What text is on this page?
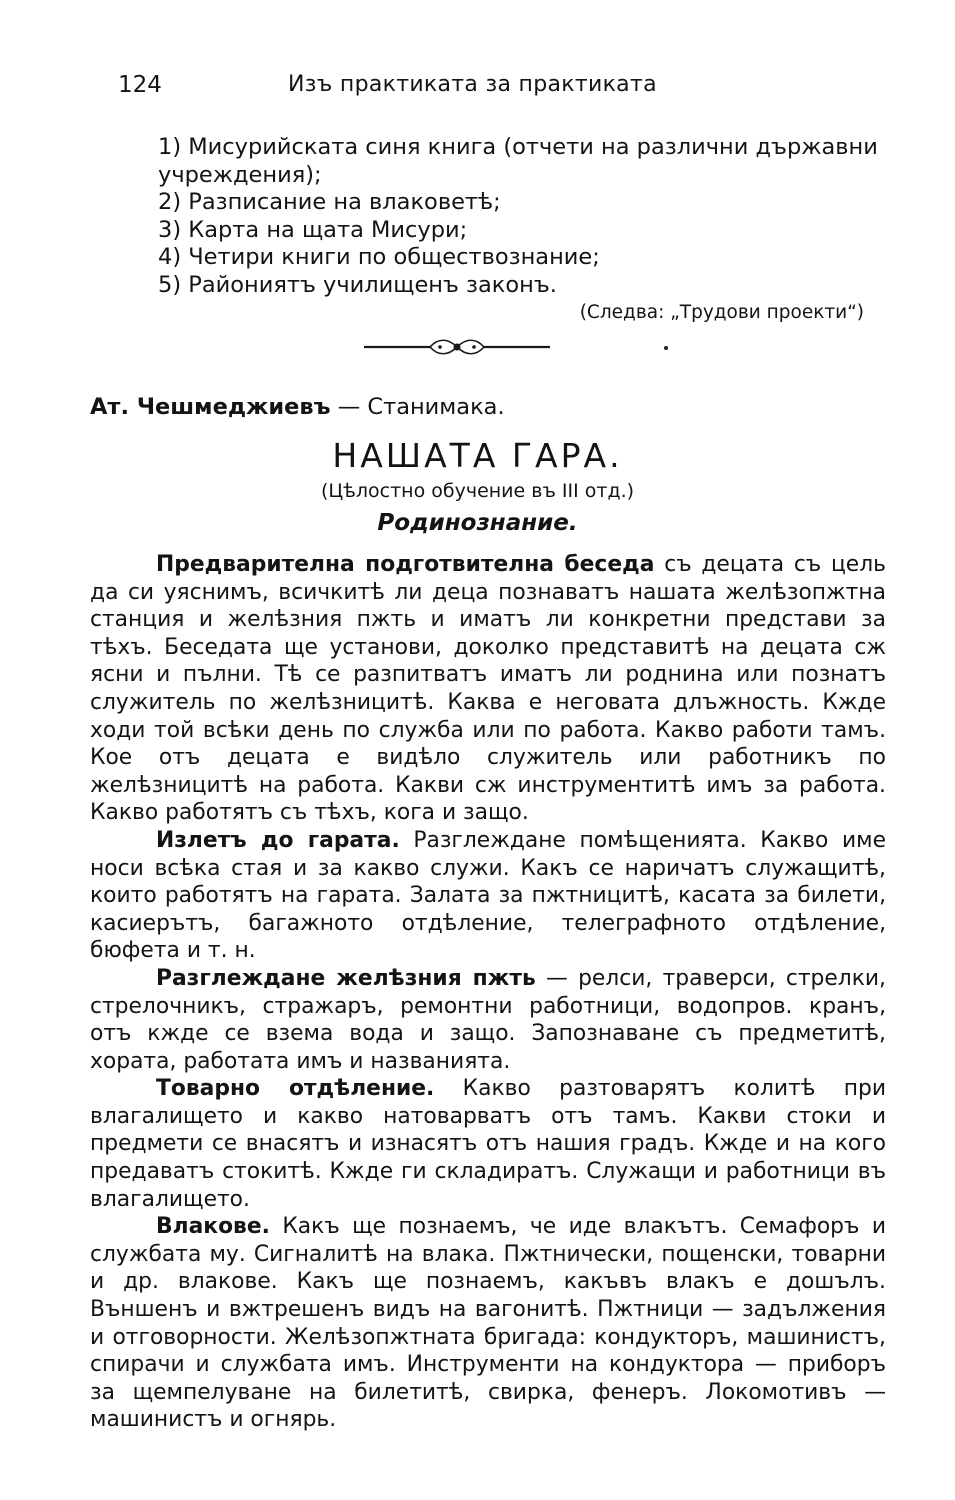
124	Изъ практиката за практиката
1) Мисурийската синя книга (отчети на различни държавни учреждения);
2) Разписание на влаковетѣ;
3) Карта на щата Мисури;
4) Четири книги по обществознание;
5) Райониятъ училищенъ законъ.
(Следва: „Трудови проекти“)
Ат. Чешмеджиевъ — Станимака.
НАШАТА ГАРА.
(Цѣлостно обучение въ III отд.)
Родинознание.

Предварителна подготвителна беседа съ децата съ цель да си уяснимъ, всичкитѣ ли деца познаватъ нашата желѣзопжтна станция и желѣзния пжть и иматъ ли конкретни представи за тѣхъ. Беседата ще установи, доколко представитѣ на децата сж ясни и пълни. Тѣ се разпитватъ иматъ ли роднина или познатъ служитель по желѣзницитѣ. Каква е неговата длъжность. Кжде ходи той всѣки день по служба или по работа. Какво работи тамъ. Кое отъ децата е видѣло служитель или работникъ по желѣзницитѣ на работа. Какви сж инструментитѣ имъ за работа. Какво работятъ съ тѣхъ, кога и защо.

Излетъ до гарата. Разглеждане помѣщенията. Какво име носи всѣка стая и за какво служи. Какъ се наричатъ служащитѣ, които работятъ на гарата. Залата за пжтницитѣ, касата за билети, касиерътъ, багажното отдѣление, телеграфното отдѣление, бюфета и т. н.

Разглеждане желѣзния пжть — релси, траверси, стрелки, стрелочникъ, стражаръ, ремонтни работници, водопров. кранъ, отъ кжде се взема вода и защо. Запознаване съ предметитѣ, хората, работата имъ и названията.

Товарно отдѣление. Какво разтоварятъ колитѣ при влагалището и какво натоварватъ отъ тамъ. Какви стоки и предмети се внасятъ и изнасятъ отъ нашия градъ. Кжде и на кого предаватъ стокитѣ. Кжде ги складиратъ. Служащи и работници въ влагалището.

Влакове. Какъ ще познаемъ, че иде влакътъ. Семафоръ и службата му. Сигналитѣ на влака. Пжтнически, пощенски, товарни и др. влакове. Какъ ще познаемъ, какъвъ влакъ е дошълъ. Външенъ и вжтрешенъ видъ на вагонитѣ. Пжтници — задължения и отговорности. Желѣзопжтната бригада: кондукторъ, машинистъ, спирачи и службата имъ. Инструменти на кондуктора — приборъ за щемпелуване на билетитѣ, свирка, фенеръ. Локомотивъ — машинистъ и огнярь.
